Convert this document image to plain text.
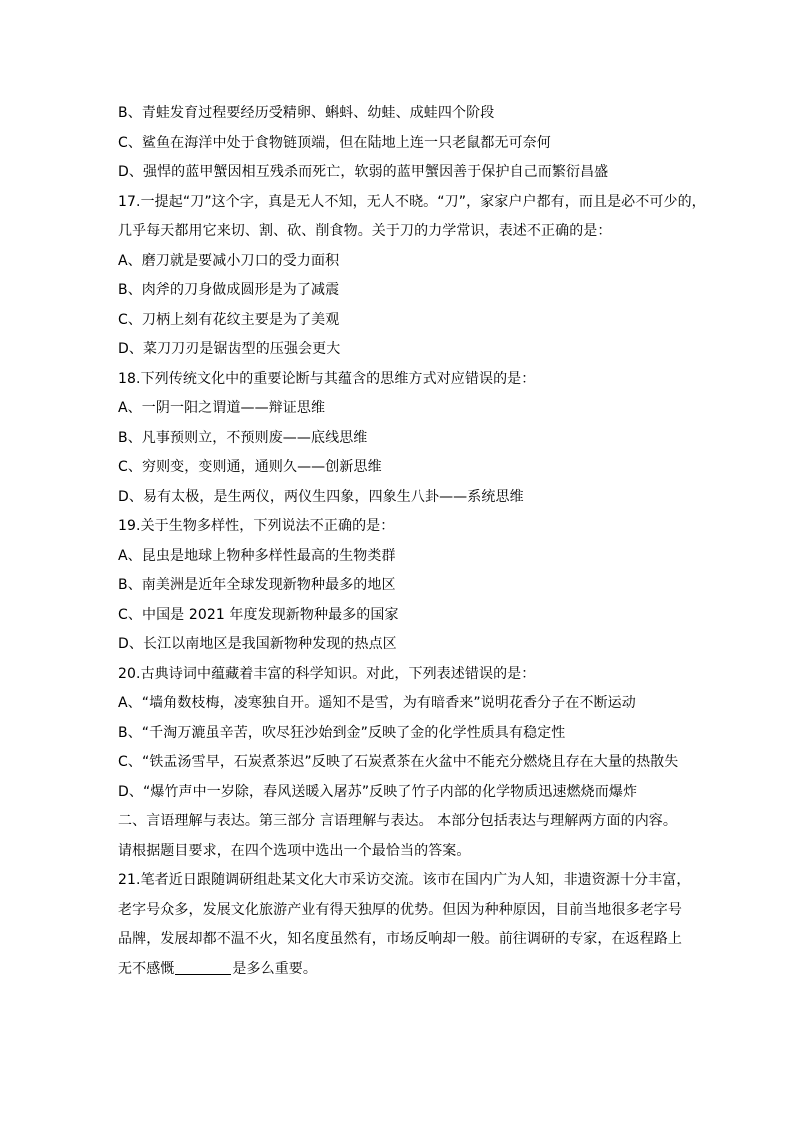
B、青蛙发育过程要经历受精卵、蝌蚪、幼蛙、成蛙四个阶段
C、鲨鱼在海洋中处于食物链顶端，但在陆地上连一只老鼠都无可奈何
D、强悍的蓝甲蟹因相互残杀而死亡，软弱的蓝甲蟹因善于保护自己而繁衍昌盛
17.一提起“刀”这个字，真是无人不知，无人不晓。“刀”，家家户户都有，而且是必不可少的，
几乎每天都用它来切、割、砍、削食物。关于刀的力学常识，表述不正确的是：
A、磨刀就是要减小刀口的受力面积
B、肉斧的刀身做成圆形是为了减震
C、刀柄上刻有花纹主要是为了美观
D、菜刀刀刃是锯齿型的压强会更大
18.下列传统文化中的重要论断与其蕴含的思维方式对应错误的是：
A、一阴一阳之谓道——辩证思维
B、凡事预则立，不预则废——底线思维
C、穷则变，变则通，通则久——创新思维
D、易有太极，是生两仪，两仪生四象，四象生八卦——系统思维
19.关于生物多样性，下列说法不正确的是：
A、昆虫是地球上物种多样性最高的生物类群
B、南美洲是近年全球发现新物种最多的地区
C、中国是 2021 年度发现新物种最多的国家
D、长江以南地区是我国新物种发现的热点区
20.古典诗词中蕴藏着丰富的科学知识。对此，下列表述错误的是：
A、“墙角数枝梅，凌寒独自开。遥知不是雪，为有暗香来”说明花香分子在不断运动
B、“千淘万漉虽辛苦，吹尽狂沙始到金”反映了金的化学性质具有稳定性
C、“铁盂汤雪早，石炭煮茶迟”反映了石炭煮茶在火盆中不能充分燃烧且存在大量的热散失
D、“爆竹声中一岁除，春风送暖入屠苏”反映了竹子内部的化学物质迅速燃烧而爆炸
二、言语理解与表达。第三部分 言语理解与表达。 本部分包括表达与理解两方面的内容。
请根据题目要求，在四个选项中选出一个最恰当的答案。
21.笔者近日跟随调研组赴某文化大市采访交流。该市在国内广为人知，非遗资源十分丰富，
老字号众多，发展文化旅游产业有得天独厚的优势。但因为种种原因，目前当地很多老字号
品牌，发展却都不温不火，知名度虽然有，市场反响却一般。前往调研的专家，在返程路上
无不感慨	是多么重要。
